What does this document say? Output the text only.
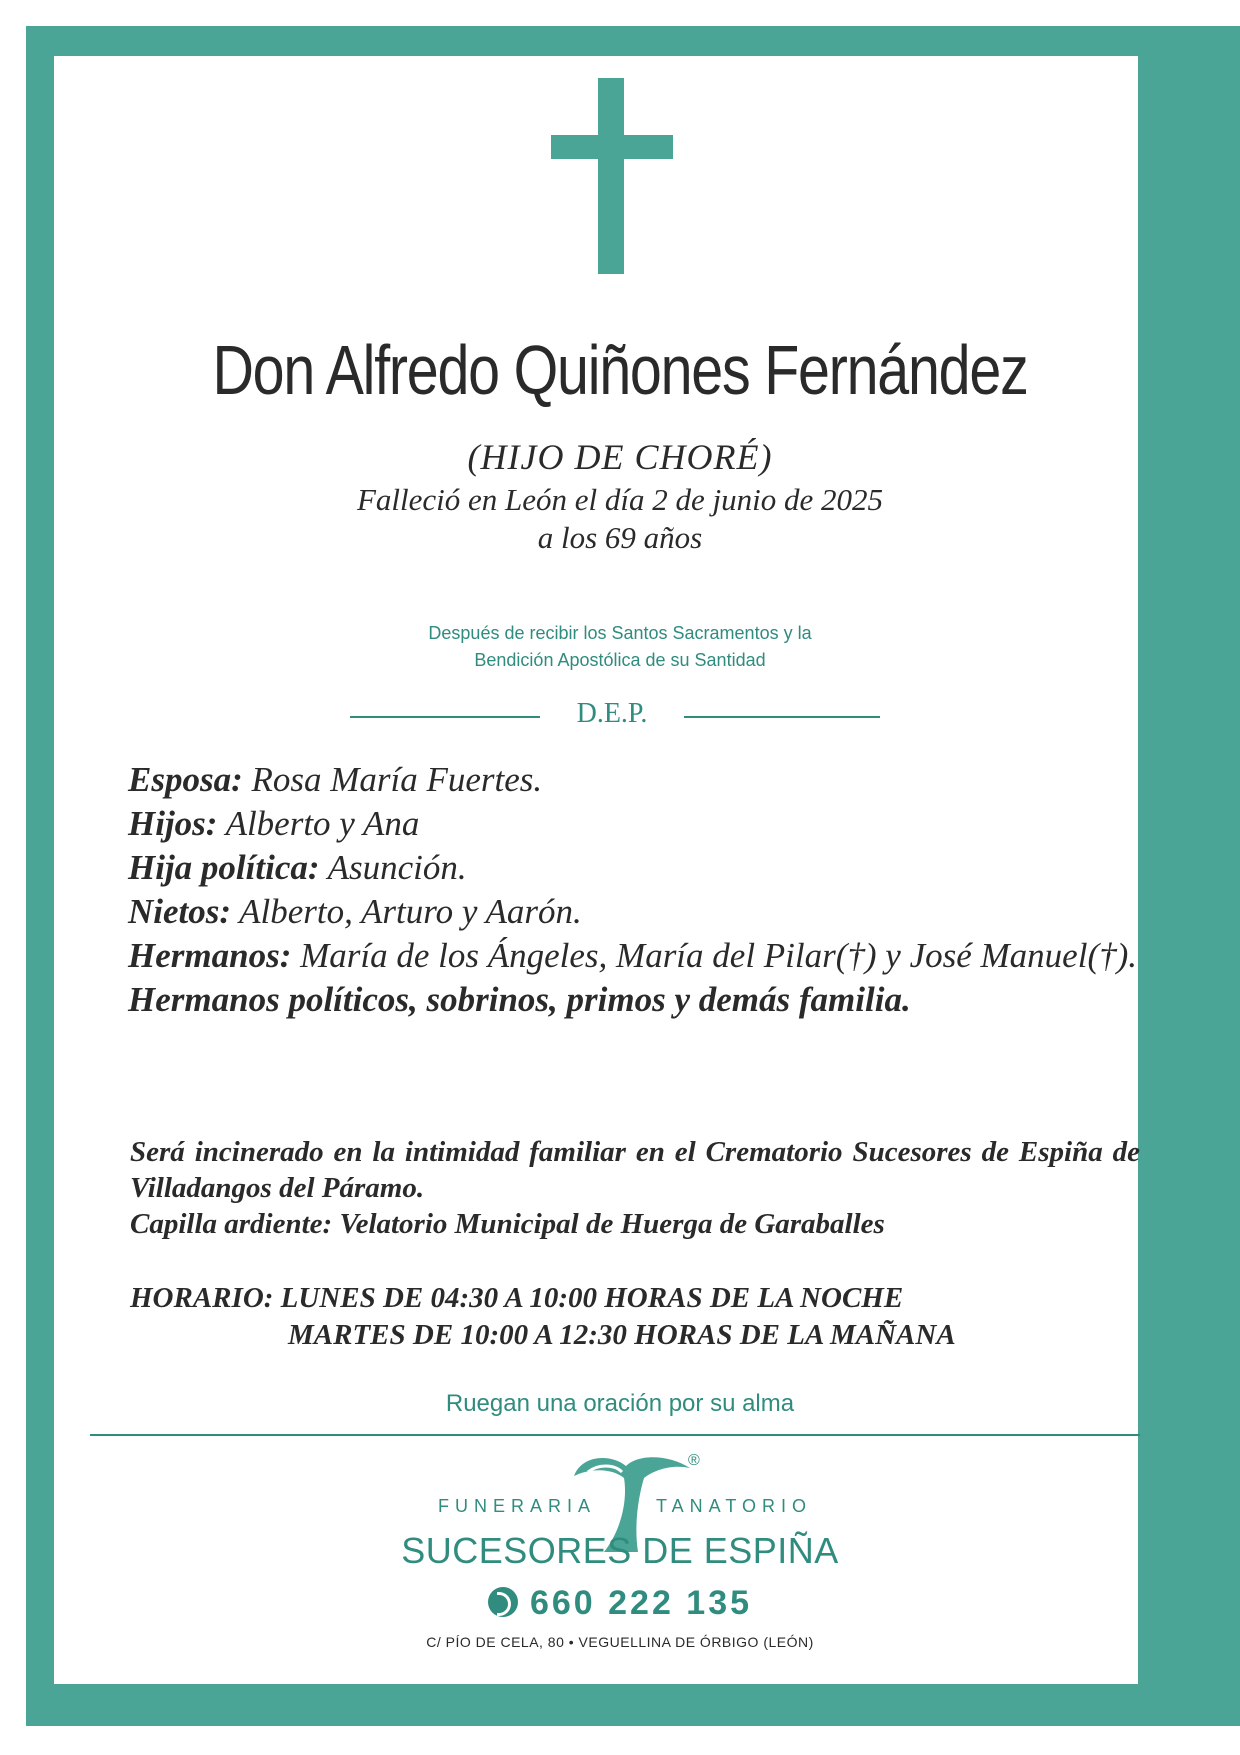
Don Alfredo Quiñones Fernández
(HIJO DE CHORÉ)
Falleció en León el día 2 de junio de 2025
a los 69 años
Después de recibir los Santos Sacramentos y la
Bendición Apostólica de su Santidad
D.E.P.
Esposa: Rosa María Fuertes.
Hijos: Alberto y Ana
Hija política: Asunción.
Nietos: Alberto, Arturo y Aarón.
Hermanos: María de los Ángeles, María del Pilar(†) y José Manuel(†).
Hermanos políticos, sobrinos, primos y demás familia.
Será incinerado en la intimidad familiar en el Crematorio Sucesores de Espiña de Villadangos del Páramo.
Capilla ardiente: Velatorio Municipal de Huerga de Garaballes
HORARIO: LUNES DE 04:30 A 10:00 HORAS DE LA NOCHE
MARTES DE 10:00 A 12:30 HORAS DE LA MAÑANA
Ruegan una oración por su alma
®
FUNERARIA	TANATORIO
SUCESORES DE ESPIÑA
660 222 135
C/ PÍO DE CELA, 80 • VEGUELLINA DE ÓRBIGO (LEÓN)
